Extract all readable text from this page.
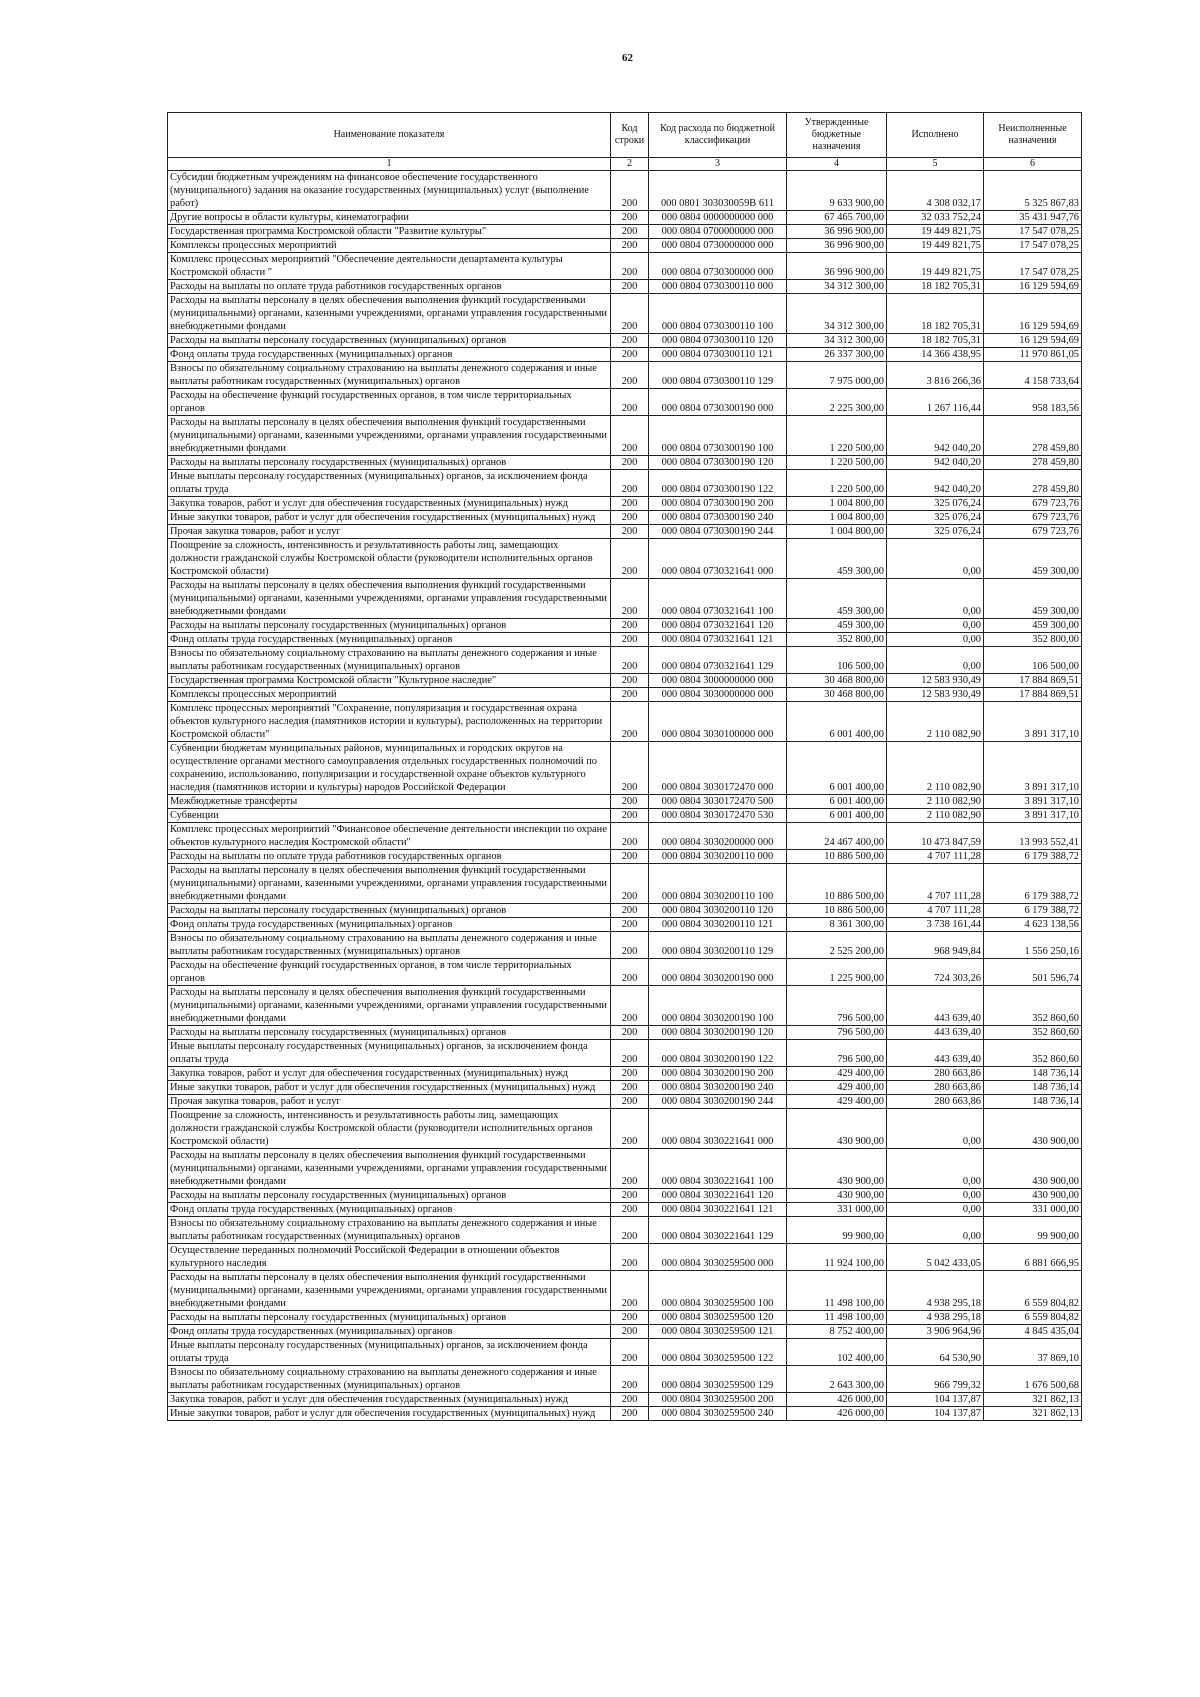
62
Наименование показателя	Код строки	Код расхода по бюджетной классификации	Утвержденные бюджетные назначения	Исполнено	Неисполненные назначения
1	2	3	4	5	6
Субсидии бюджетным учреждениям на финансовое обеспечение государственного (муниципального) задания на оказание государственных (муниципальных) услуг (выполнение работ)	200	000 0801 303030059В 611	9 633 900,00	4 308 032,17	5 325 867,83
Другие вопросы в области культуры, кинематографии	200	000 0804 0000000000 000	67 465 700,00	32 033 752,24	35 431 947,76
Государственная программа Костромской области "Развитие культуры"	200	000 0804 0700000000 000	36 996 900,00	19 449 821,75	17 547 078,25
Комплексы процессных мероприятий	200	000 0804 0730000000 000	36 996 900,00	19 449 821,75	17 547 078,25
Комплекс процессных мероприятий "Обеспечение деятельности департамента культуры Костромской области "	200	000 0804 0730300000 000	36 996 900,00	19 449 821,75	17 547 078,25
Расходы на выплаты по оплате труда работников государственных органов	200	000 0804 0730300110 000	34 312 300,00	18 182 705,31	16 129 594,69
Расходы на выплаты персоналу в целях обеспечения выполнения функций государственными (муниципальными) органами, казенными учреждениями, органами управления государственными внебюджетными фондами	200	000 0804 0730300110 100	34 312 300,00	18 182 705,31	16 129 594,69
Расходы на выплаты персоналу государственных (муниципальных) органов	200	000 0804 0730300110 120	34 312 300,00	18 182 705,31	16 129 594,69
Фонд оплаты труда государственных (муниципальных) органов	200	000 0804 0730300110 121	26 337 300,00	14 366 438,95	11 970 861,05
Взносы по обязательному социальному страхованию на выплаты денежного содержания и иные выплаты работникам государственных (муниципальных) органов	200	000 0804 0730300110 129	7 975 000,00	3 816 266,36	4 158 733,64
Расходы на обеспечение функций государственных органов, в том числе территориальных органов	200	000 0804 0730300190 000	2 225 300,00	1 267 116,44	958 183,56
Расходы на выплаты персоналу в целях обеспечения выполнения функций государственными (муниципальными) органами, казенными учреждениями, органами управления государственными внебюджетными фондами	200	000 0804 0730300190 100	1 220 500,00	942 040,20	278 459,80
Расходы на выплаты персоналу государственных (муниципальных) органов	200	000 0804 0730300190 120	1 220 500,00	942 040,20	278 459,80
Иные выплаты персоналу государственных (муниципальных) органов, за исключением фонда оплаты труда	200	000 0804 0730300190 122	1 220 500,00	942 040,20	278 459,80
Закупка товаров, работ и услуг для обеспечения государственных (муниципальных) нужд	200	000 0804 0730300190 200	1 004 800,00	325 076,24	679 723,76
Иные закупки товаров, работ и услуг для обеспечения государственных (муниципальных) нужд	200	000 0804 0730300190 240	1 004 800,00	325 076,24	679 723,76
Прочая закупка товаров, работ и услуг	200	000 0804 0730300190 244	1 004 800,00	325 076,24	679 723,76
Поощрение за сложность, интенсивность и результативность работы лиц, замещающих должности гражданской службы Костромской области (руководители исполнительных органов Костромской области)	200	000 0804 0730321641 000	459 300,00	0,00	459 300,00
Расходы на выплаты персоналу в целях обеспечения выполнения функций государственными (муниципальными) органами, казенными учреждениями, органами управления государственными внебюджетными фондами	200	000 0804 0730321641 100	459 300,00	0,00	459 300,00
Расходы на выплаты персоналу государственных (муниципальных) органов	200	000 0804 0730321641 120	459 300,00	0,00	459 300,00
Фонд оплаты труда государственных (муниципальных) органов	200	000 0804 0730321641 121	352 800,00	0,00	352 800,00
Взносы по обязательному социальному страхованию на выплаты денежного содержания и иные выплаты работникам государственных (муниципальных) органов	200	000 0804 0730321641 129	106 500,00	0,00	106 500,00
Государственная программа Костромской области "Культурное наследие"	200	000 0804 3000000000 000	30 468 800,00	12 583 930,49	17 884 869,51
Комплексы процессных мероприятий	200	000 0804 3030000000 000	30 468 800,00	12 583 930,49	17 884 869,51
Комплекс процессных мероприятий "Сохранение, популяризация и государственная охрана объектов культурного наследия (памятников истории и культуры), расположенных на территории Костромской области"	200	000 0804 3030100000 000	6 001 400,00	2 110 082,90	3 891 317,10
Субвенции бюджетам муниципальных районов, муниципальных и городских округов на осуществление органами местного самоуправления отдельных государственных полномочий по сохранению, использованию, популяризации и государственной охране объектов культурного наследия (памятников истории и культуры) народов Российской Федерации	200	000 0804 3030172470 000	6 001 400,00	2 110 082,90	3 891 317,10
Межбюджетные трансферты	200	000 0804 3030172470 500	6 001 400,00	2 110 082,90	3 891 317,10
Субвенции	200	000 0804 3030172470 530	6 001 400,00	2 110 082,90	3 891 317,10
Комплекс процессных мероприятий "Финансовое обеспечение деятельности инспекции по охране объектов культурного наследия Костромской области"	200	000 0804 3030200000 000	24 467 400,00	10 473 847,59	13 993 552,41
Расходы на выплаты по оплате труда работников государственных органов	200	000 0804 3030200110 000	10 886 500,00	4 707 111,28	6 179 388,72
Расходы на выплаты персоналу в целях обеспечения выполнения функций государственными (муниципальными) органами, казенными учреждениями, органами управления государственными внебюджетными фондами	200	000 0804 3030200110 100	10 886 500,00	4 707 111,28	6 179 388,72
Расходы на выплаты персоналу государственных (муниципальных) органов	200	000 0804 3030200110 120	10 886 500,00	4 707 111,28	6 179 388,72
Фонд оплаты труда государственных (муниципальных) органов	200	000 0804 3030200110 121	8 361 300,00	3 738 161,44	4 623 138,56
Взносы по обязательному социальному страхованию на выплаты денежного содержания и иные выплаты работникам государственных (муниципальных) органов	200	000 0804 3030200110 129	2 525 200,00	968 949,84	1 556 250,16
Расходы на обеспечение функций государственных органов, в том числе территориальных органов	200	000 0804 3030200190 000	1 225 900,00	724 303,26	501 596,74
Расходы на выплаты персоналу в целях обеспечения выполнения функций государственными (муниципальными) органами, казенными учреждениями, органами управления государственными внебюджетными фондами	200	000 0804 3030200190 100	796 500,00	443 639,40	352 860,60
Расходы на выплаты персоналу государственных (муниципальных) органов	200	000 0804 3030200190 120	796 500,00	443 639,40	352 860,60
Иные выплаты персоналу государственных (муниципальных) органов, за исключением фонда оплаты труда	200	000 0804 3030200190 122	796 500,00	443 639,40	352 860,60
Закупка товаров, работ и услуг для обеспечения государственных (муниципальных) нужд	200	000 0804 3030200190 200	429 400,00	280 663,86	148 736,14
Иные закупки товаров, работ и услуг для обеспечения государственных (муниципальных) нужд	200	000 0804 3030200190 240	429 400,00	280 663,86	148 736,14
Прочая закупка товаров, работ и услуг	200	000 0804 3030200190 244	429 400,00	280 663,86	148 736,14
Поощрение за сложность, интенсивность и результативность работы лиц, замещающих должности гражданской службы Костромской области (руководители исполнительных органов Костромской области)	200	000 0804 3030221641 000	430 900,00	0,00	430 900,00
Расходы на выплаты персоналу в целях обеспечения выполнения функций государственными (муниципальными) органами, казенными учреждениями, органами управления государственными внебюджетными фондами	200	000 0804 3030221641 100	430 900,00	0,00	430 900,00
Расходы на выплаты персоналу государственных (муниципальных) органов	200	000 0804 3030221641 120	430 900,00	0,00	430 900,00
Фонд оплаты труда государственных (муниципальных) органов	200	000 0804 3030221641 121	331 000,00	0,00	331 000,00
Взносы по обязательному социальному страхованию на выплаты денежного содержания и иные выплаты работникам государственных (муниципальных) органов	200	000 0804 3030221641 129	99 900,00	0,00	99 900,00
Осуществление переданных полномочий Российской Федерации в отношении объектов культурного наследия	200	000 0804 3030259500 000	11 924 100,00	5 042 433,05	6 881 666,95
Расходы на выплаты персоналу в целях обеспечения выполнения функций государственными (муниципальными) органами, казенными учреждениями, органами управления государственными внебюджетными фондами	200	000 0804 3030259500 100	11 498 100,00	4 938 295,18	6 559 804,82
Расходы на выплаты персоналу государственных (муниципальных) органов	200	000 0804 3030259500 120	11 498 100,00	4 938 295,18	6 559 804,82
Фонд оплаты труда государственных (муниципальных) органов	200	000 0804 3030259500 121	8 752 400,00	3 906 964,96	4 845 435,04
Иные выплаты персоналу государственных (муниципальных) органов, за исключением фонда оплаты труда	200	000 0804 3030259500 122	102 400,00	64 530,90	37 869,10
Взносы по обязательному социальному страхованию на выплаты денежного содержания и иные выплаты работникам государственных (муниципальных) органов	200	000 0804 3030259500 129	2 643 300,00	966 799,32	1 676 500,68
Закупка товаров, работ и услуг для обеспечения государственных (муниципальных) нужд	200	000 0804 3030259500 200	426 000,00	104 137,87	321 862,13
Иные закупки товаров, работ и услуг для обеспечения государственных (муниципальных) нужд	200	000 0804 3030259500 240	426 000,00	104 137,87	321 862,13
